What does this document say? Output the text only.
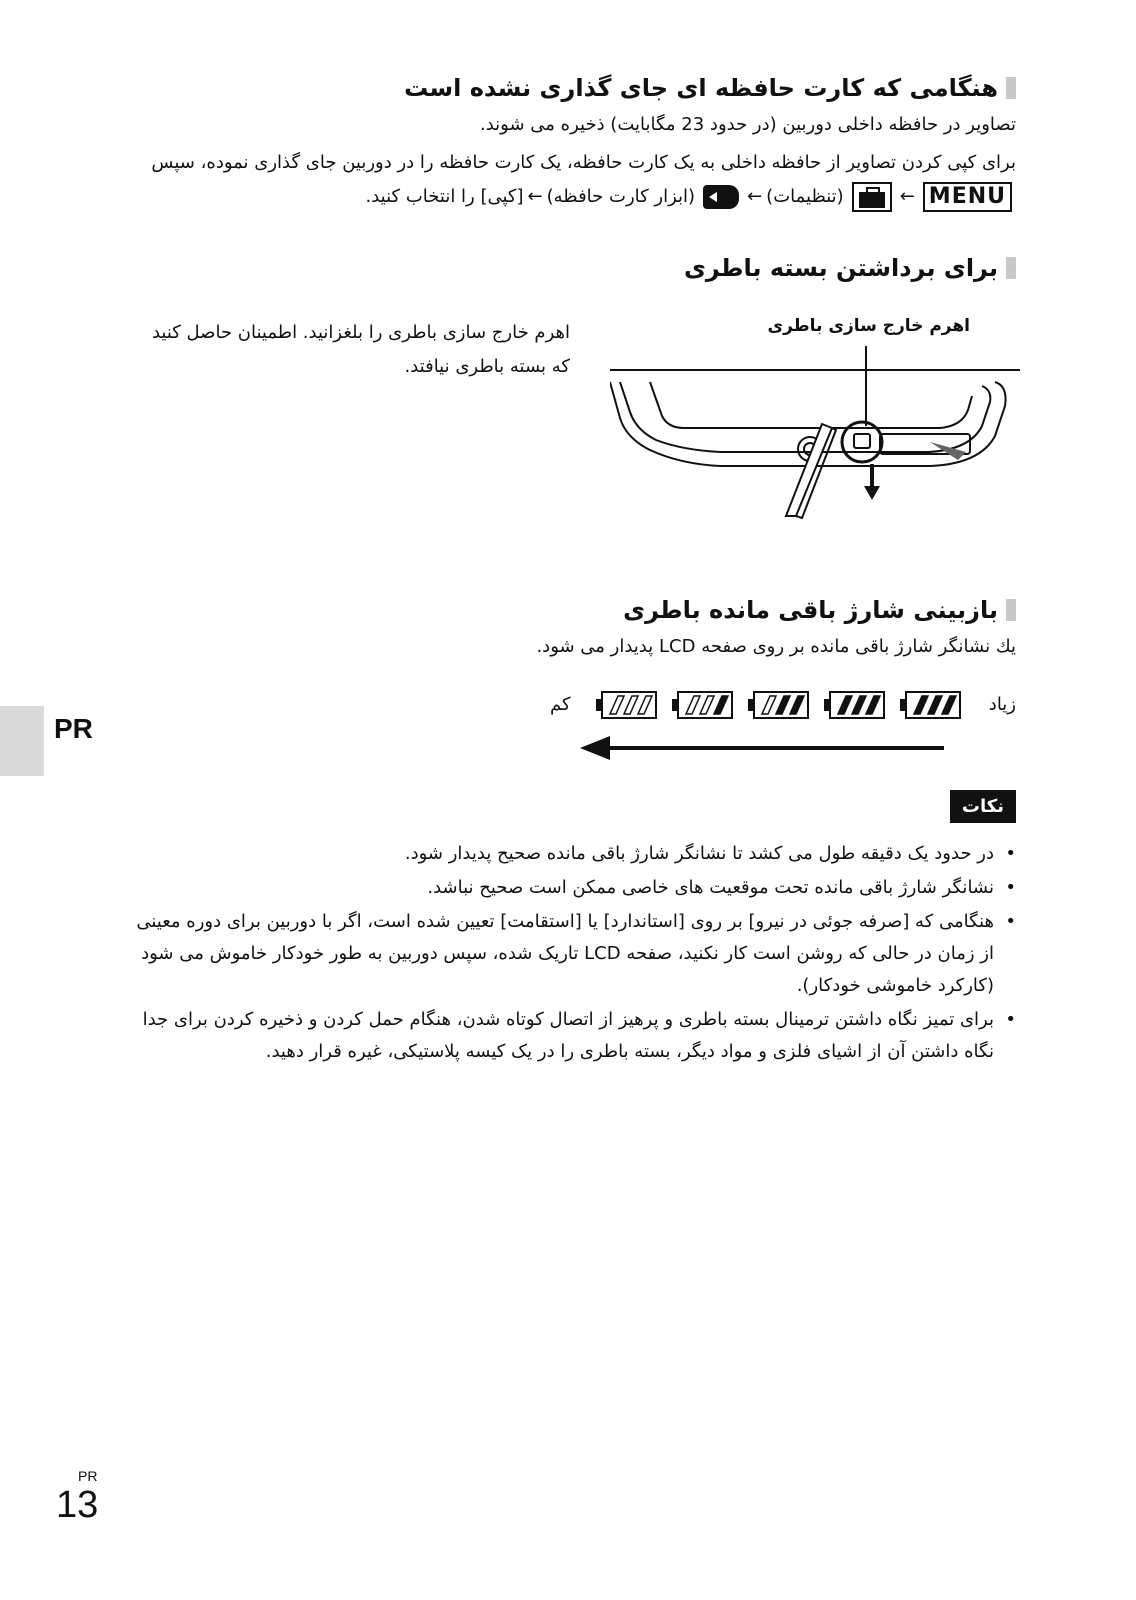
هنگامی که کارت حافظه ای جای گذاری نشده است
تصاویر در حافظه داخلی دوربین (در حدود 23 مگابایت) ذخیره می شوند.
برای کپی کردن تصاویر از حافظه داخلی به یک کارت حافظه، یک کارت حافظه را در دوربین جای گذاری نموده، سپس
MENU
←
(تنظیمات)
←
(ابزار کارت حافظه)
←
[کپی] را انتخاب کنید.
برای برداشتن بسته باطری
اهرم خارج سازی باطری
اهرم خارج سازی باطری را بلغزانید. اطمینان حاصل کنید که بسته باطری نیافتد.
بازبینی شارژ باقی مانده باطری
يك نشانگر شارژ باقی مانده بر روی صفحه LCD پدیدار می شود.
زیاد
کم
PR
نکات
• در حدود یک دقیقه طول می کشد تا نشانگر شارژ باقی مانده صحیح پدیدار شود.
• نشانگر شارژ باقی مانده تحت موقعیت های خاصی ممکن است صحیح نباشد.
• هنگامی که [صرفه جوئی در نیرو] بر روی [استاندارد] یا [استقامت] تعیین شده است، اگر با دوربین برای دوره معینی از زمان در حالی که روشن است کار نکنید، صفحه LCD تاریک شده، سپس دوربین به طور خودکار خاموش می شود (کارکرد خاموشی خودکار).
• برای تمیز نگاه داشتن ترمینال بسته باطری و پرهیز از اتصال کوتاه شدن، هنگام حمل کردن و ذخیره کردن برای جدا نگاه داشتن آن از اشیای فلزی و مواد دیگر، بسته باطری را در یک کیسه پلاستیکی، غیره قرار دهید.
PR
13
